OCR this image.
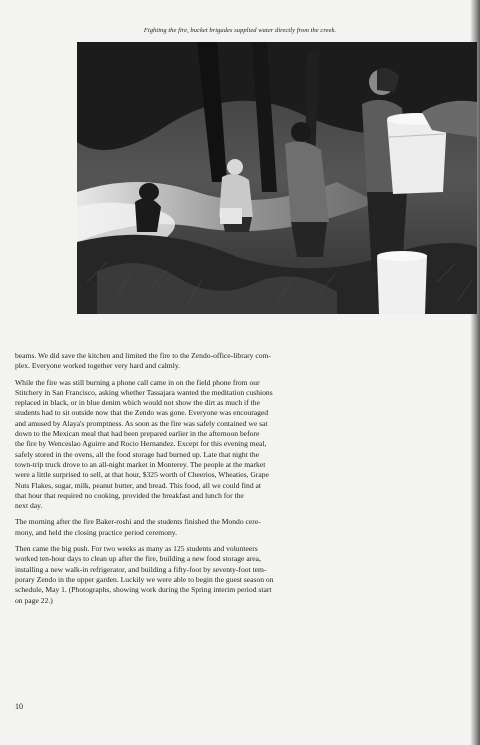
Fighting the fire, bucket brigades supplied water directly from the creek.
beams. We did save the kitchen and limited the fire to the Zendo-office-library com-
plex. Everyone worked together very hard and calmly.
While the fire was still burning a phone call came in on the field phone from our
Stitchery in San Francisco, asking whether Tassajara wanted the meditation cushions
replaced in black, or in blue denim which would not show the dirt as much if the
students had to sit outside now that the Zendo was gone. Everyone was encouraged
and amused by Alaya's promptness. As soon as the fire was safely contained we sat
down to the Mexican meal that had been prepared earlier in the afternoon before
the fire by Wenceslao Aguirre and Rocio Hernandez. Except for this evening meal,
safely stored in the ovens, all the food storage had burned up. Late that night the
town-trip truck drove to an all-night market in Monterey. The people at the market
were a little surprised to sell, at that hour, $325 worth of Cheerios, Wheaties, Grape
Nuts Flakes, sugar, milk, peanut butter, and bread. This food, all we could find at
that hour that required no cooking, provided the breakfast and lunch for the
next day.
The morning after the fire Baker-roshi and the students finished the Mondo cere-
mony, and held the closing practice period ceremony.
Then came the big push. For two weeks as many as 125 students and volunteers
worked ten-hour days to clean up after the fire, building a new food storage area,
installing a new walk-in refrigerator, and building a fifty-foot by seventy-foot tem-
porary Zendo in the upper garden. Luckily we were able to begin the guest season on
schedule, May 1. (Photographs, showing work during the Spring interim period start
on page 22.)
10
